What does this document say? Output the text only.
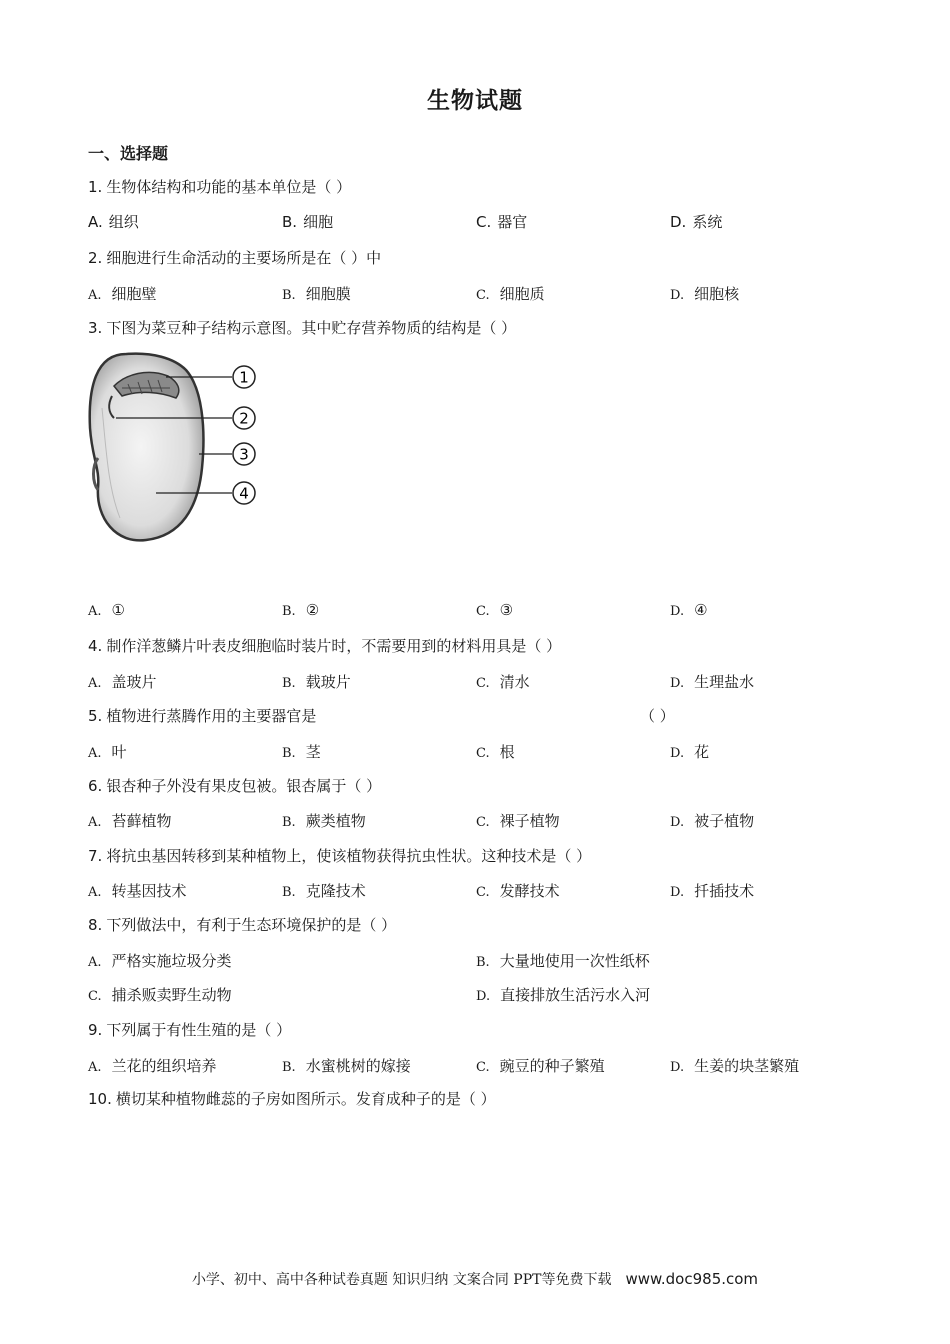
生物试题
一、选择题
1. 生物体结构和功能的基本单位是（ ）
A. 组织	B. 细胞	C. 器官	D. 系统
2. 细胞进行生命活动的主要场所是在（ ）中
A. 细胞壁	B. 细胞膜	C. 细胞质	D. 细胞核
3. 下图为菜豆种子结构示意图。其中贮存营养物质的结构是（ ）
1
2
3
4
A. ①	B. ②	C. ③	D. ④
4. 制作洋葱鳞片叶表皮细胞临时装片时，不需要用到的材料用具是（ ）
A. 盖玻片	B. 载玻片	C. 清水	D. 生理盐水
5. 植物进行蒸腾作用的主要器官是	（ ）
A. 叶	B. 茎	C. 根	D. 花
6. 银杏种子外没有果皮包被。银杏属于（ ）
A. 苔藓植物	B. 蕨类植物	C. 裸子植物	D. 被子植物
7. 将抗虫基因转移到某种植物上，使该植物获得抗虫性状。这种技术是（ ）
A. 转基因技术	B. 克隆技术	C. 发酵技术	D. 扦插技术
8. 下列做法中，有利于生态环境保护的是（ ）
A. 严格实施垃圾分类	B. 大量地使用一次性纸杯
C. 捕杀贩卖野生动物	D. 直接排放生活污水入河
9. 下列属于有性生殖的是（ ）
A. 兰花的组织培养	B. 水蜜桃树的嫁接	C. 豌豆的种子繁殖	D. 生姜的块茎繁殖
10. 横切某种植物雌蕊的子房如图所示。发育成种子的是（ ）
小学、初中、高中各种试卷真题 知识归纳 文案合同 PPT等免费下载 www.doc985.com
